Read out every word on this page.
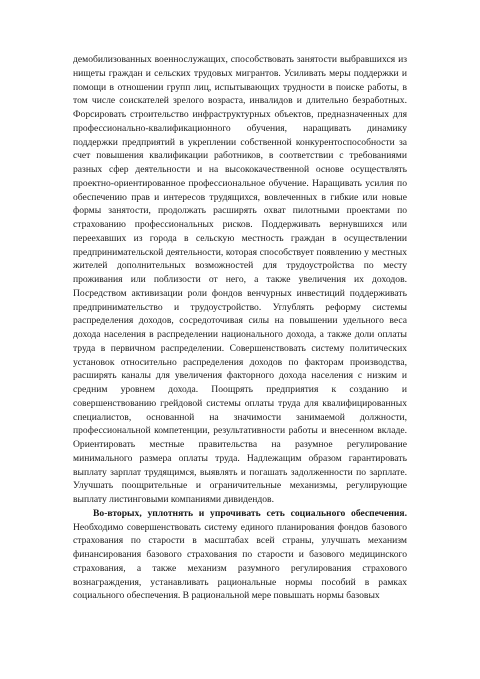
демобилизованных военнослужащих, способствовать занятости выбравшихся из нищеты граждан и сельских трудовых мигрантов. Усиливать меры поддержки и помощи в отношении групп лиц, испытывающих трудности в поиске работы, в том числе соискателей зрелого возраста, инвалидов и длительно безработных. Форсировать строительство инфраструктурных объектов, предназначенных для профессионально-квалификационного обучения, наращивать динамику поддержки предприятий в укреплении собственной конкурентоспособности за счет повышения квалификации работников, в соответствии с требованиями разных сфер деятельности и на высококачественной основе осуществлять проектно-ориентированное профессиональное обучение. Наращивать усилия по обеспечению прав и интересов трудящихся, вовлеченных в гибкие или новые формы занятости, продолжать расширять охват пилотными проектами по страхованию профессиональных рисков. Поддерживать вернувшихся или переехавших из города в сельскую местность граждан в осуществлении предпринимательской деятельности, которая способствует появлению у местных жителей дополнительных возможностей для трудоустройства по месту проживания или поблизости от него, а также увеличения их доходов. Посредством активизации роли фондов венчурных инвестиций поддерживать предпринимательство и трудоустройство. Углублять реформу системы распределения доходов, сосредоточивая силы на повышении удельного веса дохода населения в распределении национального дохода, а также доли оплаты труда в первичном распределении. Совершенствовать систему политических установок относительно распределения доходов по факторам производства, расширять каналы для увеличения факторного дохода населения с низким и средним уровнем дохода. Поощрять предприятия к созданию и совершенствованию грейдовой системы оплаты труда для квалифицированных специалистов, основанной на значимости занимаемой должности, профессиональной компетенции, результативности работы и внесенном вкладе. Ориентировать местные правительства на разумное регулирование минимального размера оплаты труда. Надлежащим образом гарантировать выплату зарплат трудящимся, выявлять и погашать задолженности по зарплате. Улучшать поощрительные и ограничительные механизмы, регулирующие выплату листинговыми компаниями дивидендов.

Во-вторых, уплотнять и упрочивать сеть социального обеспечения. Необходимо совершенствовать систему единого планирования фондов базового страхования по старости в масштабах всей страны, улучшать механизм финансирования базового страхования по старости и базового медицинского страхования, а также механизм разумного регулирования страхового вознаграждения, устанавливать рациональные нормы пособий в рамках социального обеспечения. В рациональной мере повышать нормы базовых
